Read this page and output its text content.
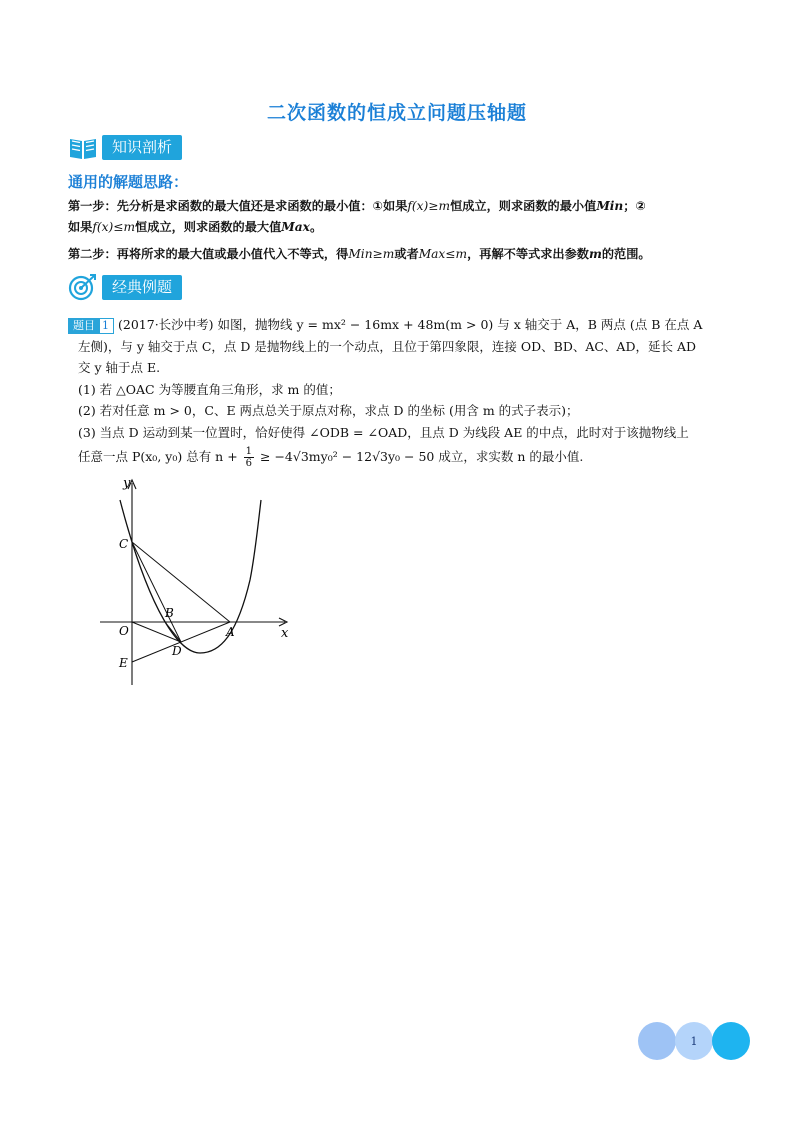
二次函数的恒成立问题压轴题
知识剖析
通用的解题思路：
第一步：先分析是求函数的最大值还是求函数的最小值：①如果f(x)≥m恒成立，则求函数的最小值Min；②
如果f(x)≤m恒成立，则求函数的最大值Max。
第二步：再将所求的最大值或最小值代入不等式，得Min≥m或者Max≤m，再解不等式求出参数m的范围。
经典例题
题目 1 (2017·长沙中考) 如图，抛物线 y = mx² − 16mx + 48m(m > 0) 与 x 轴交于 A，B 两点 (点 B 在点 A
左侧)，与 y 轴交于点 C，点 D 是抛物线上的一个动点，且位于第四象限，连接 OD、BD、AC、AD，延长 AD
交 y 轴于点 E.
(1) 若 △OAC 为等腰直角三角形，求 m 的值；
(2) 若对任意 m > 0，C、E 两点总关于原点对称，求点 D 的坐标 (用含 m 的式子表示)；
(3) 当点 D 运动到某一位置时，恰好使得 ∠ODB = ∠OAD，且点 D 为线段 AE 的中点，此时对于该抛物线上
任意一点 P(x₀, y₀) 总有 $n + \frac{1}{6} \ge -4√3my_0^2 - 12√3y_0 - 50$ 成立，求实数 n 的最小值.
y
x
O	A
B
C
D
E
1
